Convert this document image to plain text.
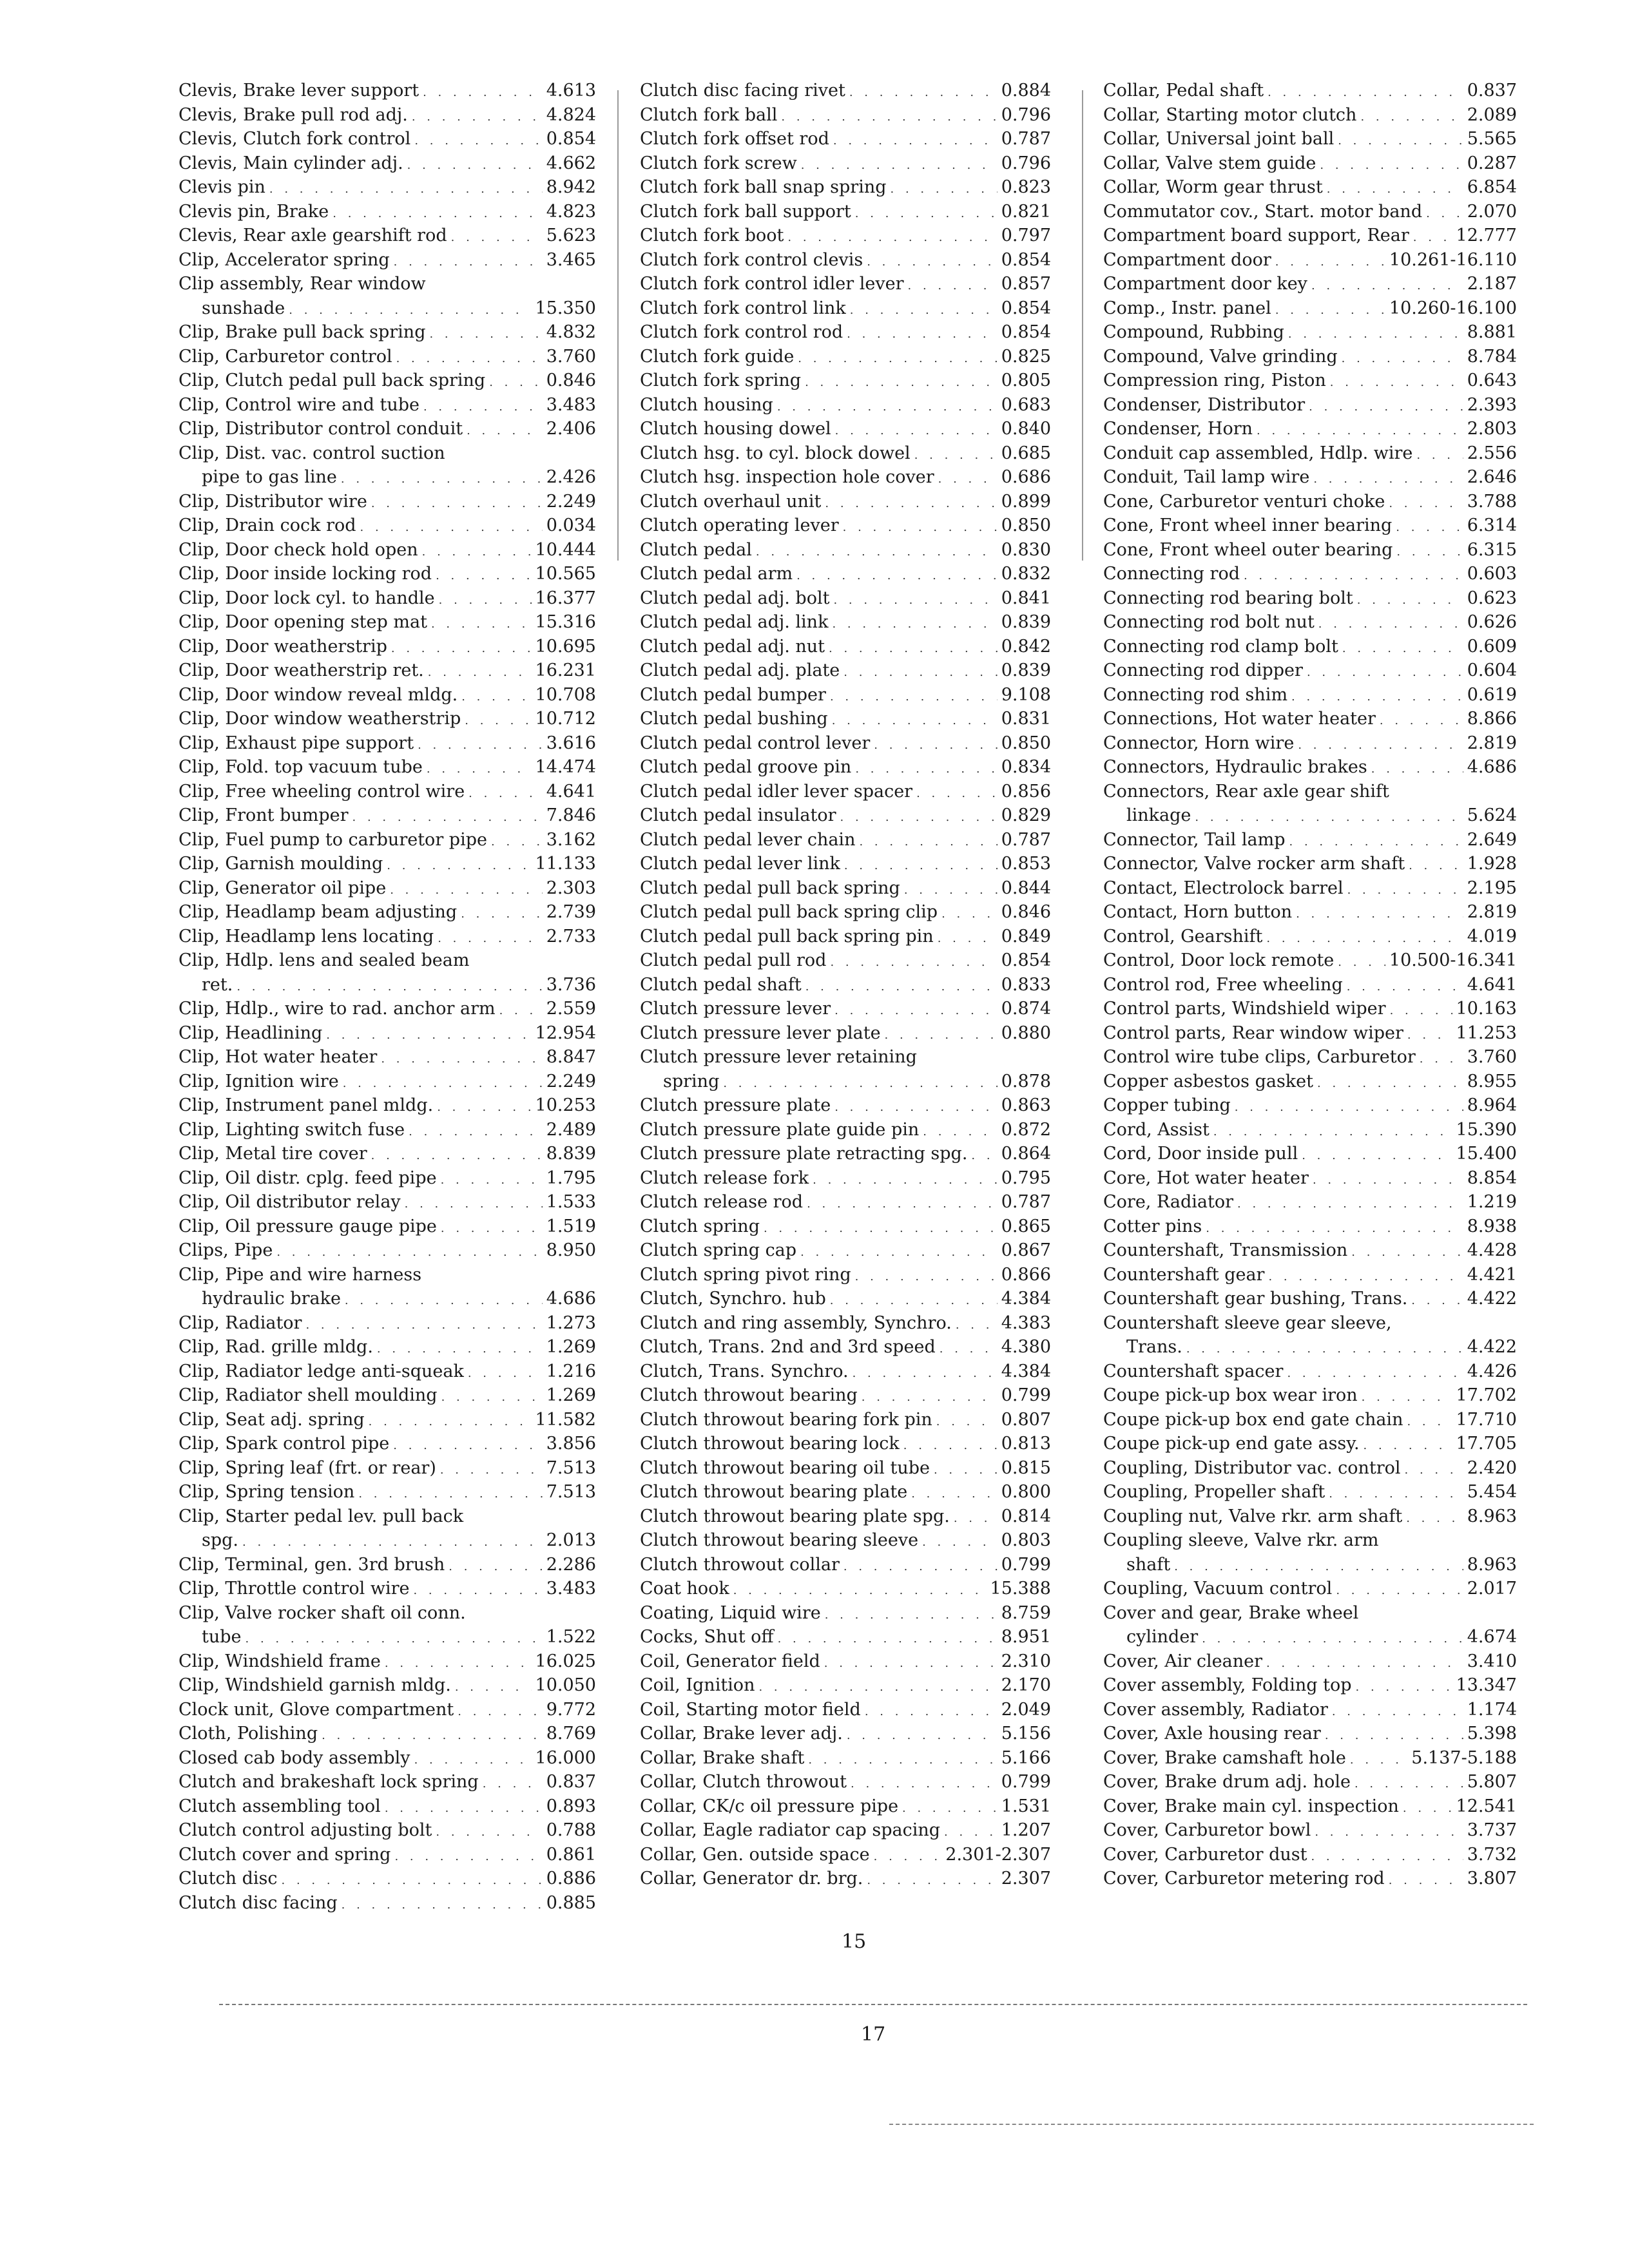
Clevis, Brake lever support . . .	4.613
Clevis, Brake pull rod adj. . . .	4.824
Clevis, Clutch fork control . . .	0.854
Clevis, Main cylinder adj. . . .	4.662
Clevis pin . . .	8.942
Clevis pin, Brake . . .	4.823
Clevis, Rear axle gearshift rod . . .	5.623
Clip, Accelerator spring . . .	3.465
Clip assembly, Rear window
sunshade . . .	15.350
Clip, Brake pull back spring . . .	4.832
Clip, Carburetor control . . .	3.760
Clip, Clutch pedal pull back spring . . .	0.846
Clip, Control wire and tube . . .	3.483
Clip, Distributor control conduit . . .	2.406
Clip, Dist. vac. control suction
pipe to gas line . . .	2.426
Clip, Distributor wire . . .	2.249
Clip, Drain cock rod . . .	0.034
Clip, Door check hold open . . .	10.444
Clip, Door inside locking rod . . .	10.565
Clip, Door lock cyl. to handle . . .	16.377
Clip, Door opening step mat . . .	15.316
Clip, Door weatherstrip . . .	10.695
Clip, Door weatherstrip ret. . . .	16.231
Clip, Door window reveal mldg. . . .	10.708
Clip, Door window weatherstrip . . .	10.712
Clip, Exhaust pipe support . . .	3.616
Clip, Fold. top vacuum tube . . .	14.474
Clip, Free wheeling control wire . . .	4.641
Clip, Front bumper . . .	7.846
Clip, Fuel pump to carburetor pipe . . .	3.162
Clip, Garnish moulding . . .	11.133
Clip, Generator oil pipe . . .	2.303
Clip, Headlamp beam adjusting . . .	2.739
Clip, Headlamp lens locating . . .	2.733
Clip, Hdlp. lens and sealed beam
ret. . . .	3.736
Clip, Hdlp., wire to rad. anchor arm . . .	2.559
Clip, Headlining . . .	12.954
Clip, Hot water heater . . .	8.847
Clip, Ignition wire . . .	2.249
Clip, Instrument panel mldg. . . .	10.253
Clip, Lighting switch fuse . . .	2.489
Clip, Metal tire cover . . .	8.839
Clip, Oil distr. cplg. feed pipe . . .	1.795
Clip, Oil distributor relay . . .	1.533
Clip, Oil pressure gauge pipe . . .	1.519
Clips, Pipe . . .	8.950
Clip, Pipe and wire harness
hydraulic brake . . .	4.686
Clip, Radiator . . .	1.273
Clip, Rad. grille mldg. . . .	1.269
Clip, Radiator ledge anti-squeak . . .	1.216
Clip, Radiator shell moulding . . .	1.269
Clip, Seat adj. spring . . .	11.582
Clip, Spark control pipe . . .	3.856
Clip, Spring leaf (frt. or rear) . . .	7.513
Clip, Spring tension . . .	7.513
Clip, Starter pedal lev. pull back
spg. . . .	2.013
Clip, Terminal, gen. 3rd brush . . .	2.286
Clip, Throttle control wire . . .	3.483
Clip, Valve rocker shaft oil conn.
tube . . .	1.522
Clip, Windshield frame . . .	16.025
Clip, Windshield garnish mldg. . . .	10.050
Clock unit, Glove compartment . . .	9.772
Cloth, Polishing . . .	8.769
Closed cab body assembly . . .	16.000
Clutch and brakeshaft lock spring . . .	0.837
Clutch assembling tool . . .	0.893
Clutch control adjusting bolt . . .	0.788
Clutch cover and spring . . .	0.861
Clutch disc . . .	0.886
Clutch disc facing . . .	0.885
Clutch disc facing rivet . . .	0.884
Clutch fork ball . . .	0.796
Clutch fork offset rod . . .	0.787
Clutch fork screw . . .	0.796
Clutch fork ball snap spring . . .	0.823
Clutch fork ball support . . .	0.821
Clutch fork boot . . .	0.797
Clutch fork control clevis . . .	0.854
Clutch fork control idler lever . . .	0.857
Clutch fork control link . . .	0.854
Clutch fork control rod . . .	0.854
Clutch fork guide . . .	0.825
Clutch fork spring . . .	0.805
Clutch housing . . .	0.683
Clutch housing dowel . . .	0.840
Clutch hsg. to cyl. block dowel . . .	0.685
Clutch hsg. inspection hole cover . . .	0.686
Clutch overhaul unit . . .	0.899
Clutch operating lever . . .	0.850
Clutch pedal . . .	0.830
Clutch pedal arm . . .	0.832
Clutch pedal adj. bolt . . .	0.841
Clutch pedal adj. link . . .	0.839
Clutch pedal adj. nut . . .	0.842
Clutch pedal adj. plate . . .	0.839
Clutch pedal bumper . . .	9.108
Clutch pedal bushing . . .	0.831
Clutch pedal control lever . . .	0.850
Clutch pedal groove pin . . .	0.834
Clutch pedal idler lever spacer . . .	0.856
Clutch pedal insulator . . .	0.829
Clutch pedal lever chain . . .	0.787
Clutch pedal lever link . . .	0.853
Clutch pedal pull back spring . . .	0.844
Clutch pedal pull back spring clip . . .	0.846
Clutch pedal pull back spring pin . . .	0.849
Clutch pedal pull rod . . .	0.854
Clutch pedal shaft . . .	0.833
Clutch pressure lever . . .	0.874
Clutch pressure lever plate . . .	0.880
Clutch pressure lever retaining
spring . . .	0.878
Clutch pressure plate . . .	0.863
Clutch pressure plate guide pin . . .	0.872
Clutch pressure plate retracting spg. . . . 0.864
Clutch release fork . . .	0.795
Clutch release rod . . .	0.787
Clutch spring . . .	0.865
Clutch spring cap . . .	0.867
Clutch spring pivot ring . . .	0.866
Clutch, Synchro. hub . . .	4.384
Clutch and ring assembly, Synchro. . . .	4.383
Clutch, Trans. 2nd and 3rd speed . . .	4.380
Clutch, Trans. Synchro. . . .	4.384
Clutch throwout bearing . . .	0.799
Clutch throwout bearing fork pin . . .	0.807
Clutch throwout bearing lock . . .	0.813
Clutch throwout bearing oil tube . . .	0.815
Clutch throwout bearing plate . . .	0.800
Clutch throwout bearing plate spg. . . .	0.814
Clutch throwout bearing sleeve . . .	0.803
Clutch throwout collar . . .	0.799
Coat hook . . .	15.388
Coating, Liquid wire . . .	8.759
Cocks, Shut off . . .	8.951
Coil, Generator field . . .	2.310
Coil, Ignition . . .	2.170
Coil, Starting motor field . . .	2.049
Collar, Brake lever adj. . . .	5.156
Collar, Brake shaft . . .	5.166
Collar, Clutch throwout . . .	0.799
Collar, CK/c oil pressure pipe . . .	1.531
Collar, Eagle radiator cap spacing . . .	1.207
Collar, Gen. outside space . . .	2.301-2.307
Collar, Generator dr. brg. . . .	2.307
Collar, Pedal shaft . . .	0.837
Collar, Starting motor clutch . . .	2.089
Collar, Universal joint ball . . .	5.565
Collar, Valve stem guide . . .	0.287
Collar, Worm gear thrust . . .	6.854
Commutator cov., Start. motor band . . .	2.070
Compartment board support, Rear . . .	12.777
Compartment door . . .	10.261-16.110
Compartment door key . . .	2.187
Comp., Instr. panel . . .	10.260-16.100
Compound, Rubbing . . .	8.881
Compound, Valve grinding . . .	8.784
Compression ring, Piston . . .	0.643
Condenser, Distributor . . .	2.393
Condenser, Horn . . .	2.803
Conduit cap assembled, Hdlp. wire . . .	2.556
Conduit, Tail lamp wire . . .	2.646
Cone, Carburetor venturi choke . . .	3.788
Cone, Front wheel inner bearing . . .	6.314
Cone, Front wheel outer bearing . . .	6.315
Connecting rod . . .	0.603
Connecting rod bearing bolt . . .	0.623
Connecting rod bolt nut . . .	0.626
Connecting rod clamp bolt . . .	0.609
Connecting rod dipper . . .	0.604
Connecting rod shim . . .	0.619
Connections, Hot water heater . . .	8.866
Connector, Horn wire . . .	2.819
Connectors, Hydraulic brakes . . .	4.686
Connectors, Rear axle gear shift
linkage . . .	5.624
Connector, Tail lamp . . .	2.649
Connector, Valve rocker arm shaft . . .	1.928
Contact, Electrolock barrel . . .	2.195
Contact, Horn button . . .	2.819
Control, Gearshift . . .	4.019
Control, Door lock remote . . .	10.500-16.341
Control rod, Free wheeling . . .	4.641
Control parts, Windshield wiper . . .	10.163
Control parts, Rear window wiper . . .	11.253
Control wire tube clips, Carburetor . . .	3.760
Copper asbestos gasket . . .	8.955
Copper tubing . . .	8.964
Cord, Assist . . .	15.390
Cord, Door inside pull . . .	15.400
Core, Hot water heater . . .	8.854
Core, Radiator . . .	1.219
Cotter pins . . .	8.938
Countershaft, Transmission . . .	4.428
Countershaft gear . . .	4.421
Countershaft gear bushing, Trans. . . .	4.422
Countershaft sleeve gear sleeve,
Trans. . . .	4.422
Countershaft spacer . . .	4.426
Coupe pick-up box wear iron . . .	17.702
Coupe pick-up box end gate chain . . .	17.710
Coupe pick-up end gate assy. . . .	17.705
Coupling, Distributor vac. control . . .	2.420
Coupling, Propeller shaft . . .	5.454
Coupling nut, Valve rkr. arm shaft . . .	8.963
Coupling sleeve, Valve rkr. arm
shaft . . .	8.963
Coupling, Vacuum control . . .	2.017
Cover and gear, Brake wheel
cylinder . . .	4.674
Cover, Air cleaner . . .	3.410
Cover assembly, Folding top . . .	13.347
Cover assembly, Radiator . . .	1.174
Cover, Axle housing rear . . .	5.398
Cover, Brake camshaft hole . . .	5.137-5.188
Cover, Brake drum adj. hole . . .	5.807
Cover, Brake main cyl. inspection . . .	12.541
Cover, Carburetor bowl . . .	3.737
Cover, Carburetor dust . . .	3.732
Cover, Carburetor metering rod . . .	3.807
15
17
